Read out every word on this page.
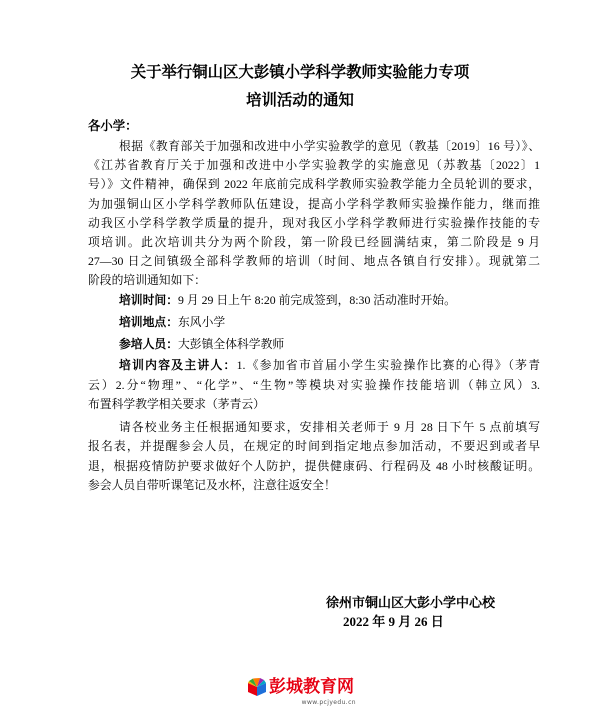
关于举行铜山区大彭镇小学科学教师实验能力专项
培训活动的通知
各小学：
根据《教育部关于加强和改进中小学实验教学的意见（教基〔2019〕16 号）》、
《江苏省教育厅关于加强和改进中小学实验教学的实施意见（苏教基〔2022〕1
号）》文件精神，确保到 2022 年底前完成科学教师实验教学能力全员轮训的要求，
为加强铜山区小学科学教师队伍建设，提高小学科学教师实验操作能力，继而推
动我区小学科学教学质量的提升，现对我区小学科学教师进行实验操作技能的专
项培训。此次培训共分为两个阶段，第一阶段已经圆满结束，第二阶段是 9 月
27—30 日之间镇级全部科学教师的培训（时间、地点各镇自行安排）。现就第二
阶段的培训通知如下：
培训时间：9 月 29 日上午 8:20 前完成签到，8:30 活动准时开始。
培训地点：东风小学
参培人员：大彭镇全体科学教师
培训内容及主讲人：1.《参加省市首届小学生实验操作比赛的心得》（茅青
云）2.分“物理”、“化学”、“生物”等模块对实验操作技能培训（韩立风）3.
布置科学教学相关要求（茅青云）
请各校业务主任根据通知要求，安排相关老师于 9 月 28 日下午 5 点前填写
报名表，并提醒参会人员，在规定的时间到指定地点参加活动，不要迟到或者早
退，根据疫情防护要求做好个人防护，提供健康码、行程码及 48 小时核酸证明。
参会人员自带听课笔记及水杯，注意往返安全！
徐州市铜山区大彭小学中心校
2022 年 9 月 26 日
彭城教育网
www.pcjyedu.cn
